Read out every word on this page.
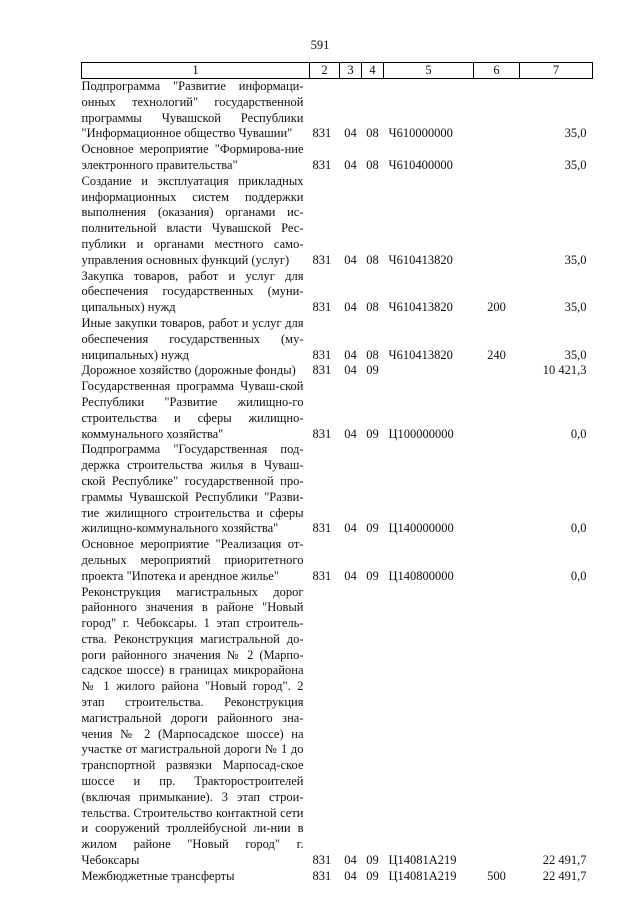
591
1	2	3	4	5	6	7
Подпрограмма "Развитие информаци-онных технологий" государственной программы Чувашской Республики "Информационное общество Чувашии"	831	04	08	Ч610000000		35,0
Основное мероприятие "Формирова-ние электронного правительства"	831	04	08	Ч610400000		35,0
Создание и эксплуатация прикладных информационных систем поддержки выполнения (оказания) органами ис-полнительной власти Чувашской Рес-публики и органами местного само-управления основных функций (услуг)	831	04	08	Ч610413820		35,0
Закупка товаров, работ и услуг для обеспечения государственных (муни-ципальных) нужд	831	04	08	Ч610413820	200	35,0
Иные закупки товаров, работ и услуг для обеспечения государственных (му-ниципальных) нужд	831	04	08	Ч610413820	240	35,0
Дорожное хозяйство (дорожные фонды)	831	04	09			10 421,3
Государственная программа Чуваш-ской Республики "Развитие жилищно-го строительства и сферы жилищно-коммунального хозяйства"	831	04	09	Ц100000000		0,0
Подпрограмма "Государственная под-держка строительства жилья в Чуваш-ской Республике" государственной про-граммы Чувашской Республики "Разви-тие жилищного строительства и сферы жилищно-коммунального хозяйства"	831	04	09	Ц140000000		0,0
Основное мероприятие "Реализация от-дельных мероприятий приоритетного проекта "Ипотека и арендное жилье"	831	04	09	Ц140800000		0,0
Реконструкция магистральных дорог районного значения в районе "Новый город" г. Чебоксары. 1 этап строитель-ства. Реконструкция магистральной до-роги районного значения № 2 (Марпо-садское шоссе) в границах микрорайона № 1 жилого района "Новый город". 2 этап строительства. Реконструкция магистральной дороги районного зна-чения № 2 (Марпосадское шоссе) на участке от магистральной дороги № 1 до транспортной развязки Марпосад-ское шоссе и пр. Тракторостроителей (включая примыкание). 3 этап строи-тельства. Строительство контактной сети и сооружений троллейбусной ли-нии в жилом районе "Новый город" г. Чебоксары	831	04	09	Ц14081А219		22 491,7
Межбюджетные трансферты	831	04	09	Ц14081А219	500	22 491,7
